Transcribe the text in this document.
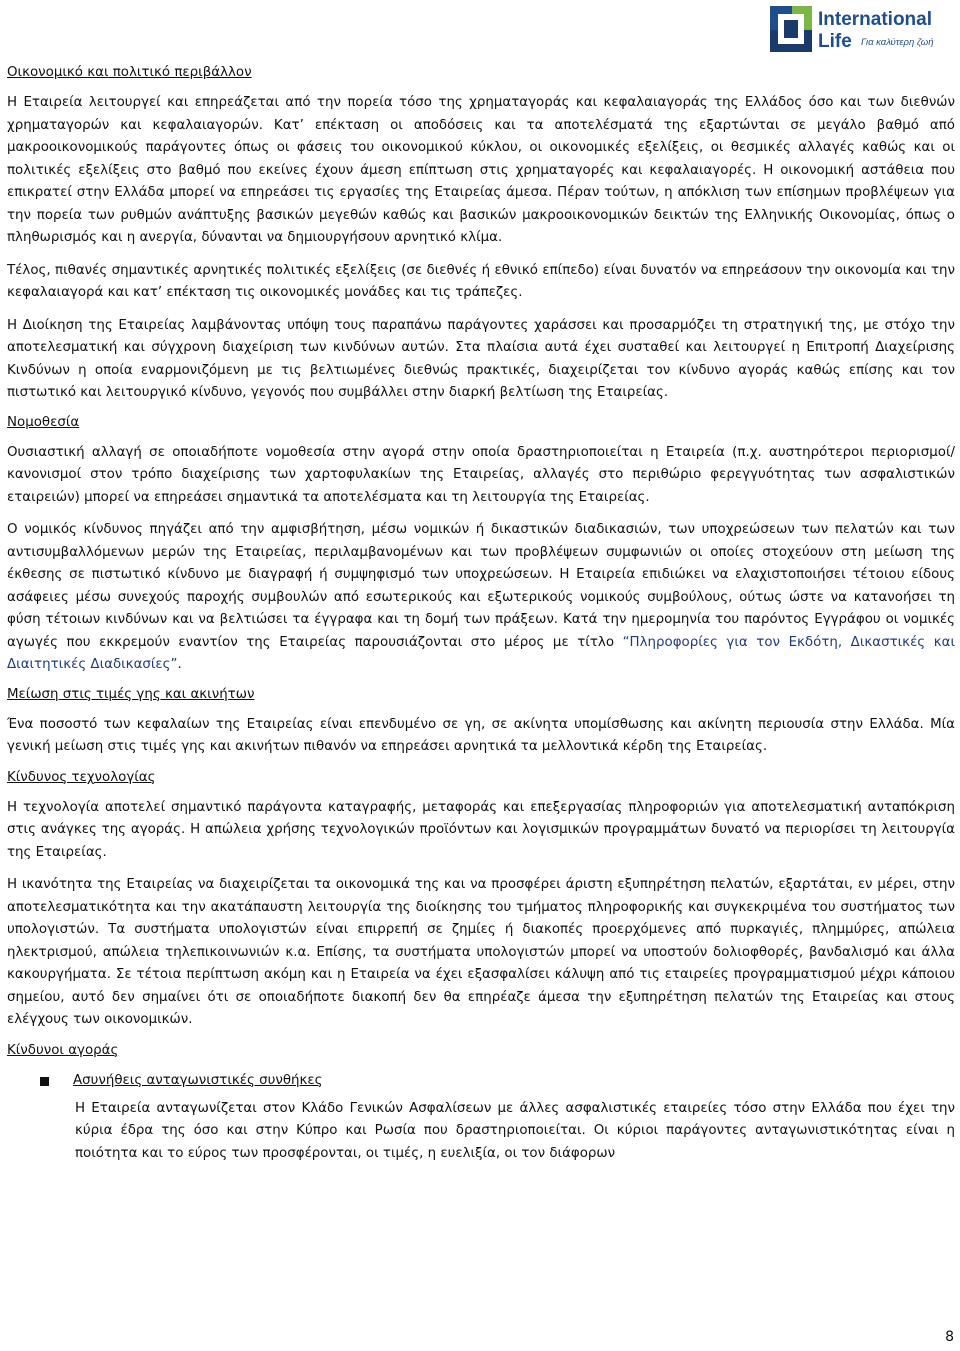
International
Life Για καλύτερη ζωή
Οικονομικό και πολιτικό περιβάλλον
Η Εταιρεία λειτουργεί και επηρεάζεται από την πορεία τόσο της χρηματαγοράς και κεφαλαιαγοράς της Ελλάδος όσο και των διεθνών χρηματαγορών και κεφαλαιαγορών. Κατ’ επέκταση οι αποδόσεις και τα αποτελέσματά της εξαρτώνται σε μεγάλο βαθμό από μακροοικονομικούς παράγοντες όπως οι φάσεις του οικονομικού κύκλου, οι οικονομικές εξελίξεις, οι θεσμικές αλλαγές καθώς και οι πολιτικές εξελίξεις στο βαθμό που εκείνες έχουν άμεση επίπτωση στις χρηματαγορές και κεφαλαιαγορές. Η οικονομική αστάθεια που επικρατεί στην Ελλάδα μπορεί να επηρεάσει τις εργασίες της Εταιρείας άμεσα. Πέραν τούτων, η απόκλιση των επίσημων προβλέψεων για την πορεία των ρυθμών ανάπτυξης βασικών μεγεθών καθώς και βασικών μακροοικονομικών δεικτών της Ελληνικής Οικονομίας, όπως ο πληθωρισμός και η ανεργία, δύνανται να δημιουργήσουν αρνητικό κλίμα.
Τέλος, πιθανές σημαντικές αρνητικές πολιτικές εξελίξεις (σε διεθνές ή εθνικό επίπεδο) είναι δυνατόν να επηρεάσουν την οικονομία και την κεφαλαιαγορά και κατ’ επέκταση τις οικονομικές μονάδες και τις τράπεζες.
Η Διοίκηση της Εταιρείας λαμβάνοντας υπόψη τους παραπάνω παράγοντες χαράσσει και προσαρμόζει τη στρατηγική της, με στόχο την αποτελεσματική και σύγχρονη διαχείριση των κινδύνων αυτών. Στα πλαίσια αυτά έχει συσταθεί και λειτουργεί η Επιτροπή Διαχείρισης Κινδύνων η οποία εναρμονιζόμενη με τις βελτιωμένες διεθνώς πρακτικές, διαχειρίζεται τον κίνδυνο αγοράς καθώς επίσης και τον πιστωτικό και λειτουργικό κίνδυνο, γεγονός που συμβάλλει στην διαρκή βελτίωση της Εταιρείας.
Νομοθεσία
Ουσιαστική αλλαγή σε οποιαδήποτε νομοθεσία στην αγορά στην οποία δραστηριοποιείται η Εταιρεία (π.χ. αυστηρότεροι περιορισμοί/ κανονισμοί στον τρόπο διαχείρισης των χαρτοφυλακίων της Εταιρείας, αλλαγές στο περιθώριο φερεγγυότητας των ασφαλιστικών εταιρειών) μπορεί να επηρεάσει σημαντικά τα αποτελέσματα και τη λειτουργία της Εταιρείας.
Ο νομικός κίνδυνος πηγάζει από την αμφισβήτηση, μέσω νομικών ή δικαστικών διαδικασιών, των υποχρεώσεων των πελατών και των αντισυμβαλλόμενων μερών της Εταιρείας, περιλαμβανομένων και των προβλέψεων συμφωνιών οι οποίες στοχεύουν στη μείωση της έκθεσης σε πιστωτικό κίνδυνο με διαγραφή ή συμψηφισμό των υποχρεώσεων. Η Εταιρεία επιδιώκει να ελαχιστοποιήσει τέτοιου είδους ασάφειες μέσω συνεχούς παροχής συμβουλών από εσωτερικούς και εξωτερικούς νομικούς συμβούλους, ούτως ώστε να κατανοήσει τη φύση τέτοιων κινδύνων και να βελτιώσει τα έγγραφα και τη δομή των πράξεων. Κατά την ημερομηνία του παρόντος Εγγράφου οι νομικές αγωγές που εκκρεμούν εναντίον της Εταιρείας παρουσιάζονται στο μέρος με τίτλο “Πληροφορίες για τον Εκδότη, Δικαστικές και Διαιτητικές Διαδικασίες”.
Μείωση στις τιμές γης και ακινήτων
Ένα ποσοστό των κεφαλαίων της Εταιρείας είναι επενδυμένο σε γη, σε ακίνητα υπομίσθωσης και ακίνητη περιουσία στην Ελλάδα. Μία γενική μείωση στις τιμές γης και ακινήτων πιθανόν να επηρεάσει αρνητικά τα μελλοντικά κέρδη της Εταιρείας.
Κίνδυνος τεχνολογίας
Η τεχνολογία αποτελεί σημαντικό παράγοντα καταγραφής, μεταφοράς και επεξεργασίας πληροφοριών για αποτελεσματική ανταπόκριση στις ανάγκες της αγοράς. Η απώλεια χρήσης τεχνολογικών προϊόντων και λογισμικών προγραμμάτων δυνατό να περιορίσει τη λειτουργία της Εταιρείας.
Η ικανότητα της Εταιρείας να διαχειρίζεται τα οικονομικά της και να προσφέρει άριστη εξυπηρέτηση πελατών, εξαρτάται, εν μέρει, στην αποτελεσματικότητα και την ακατάπαυστη λειτουργία της διοίκησης του τμήματος πληροφορικής και συγκεκριμένα του συστήματος των υπολογιστών. Τα συστήματα υπολογιστών είναι επιρρεπή σε ζημίες ή διακοπές προερχόμενες από πυρκαγιές, πλημμύρες, απώλεια ηλεκτρισμού, απώλεια τηλεπικοινωνιών κ.α. Επίσης, τα συστήματα υπολογιστών μπορεί να υποστούν δολιοφθορές, βανδαλισμό και άλλα κακουργήματα. Σε τέτοια περίπτωση ακόμη και η Εταιρεία να έχει εξασφαλίσει κάλυψη από τις εταιρείες προγραμματισμού μέχρι κάποιου σημείου, αυτό δεν σημαίνει ότι σε οποιαδήποτε διακοπή δεν θα επηρέαζε άμεσα την εξυπηρέτηση πελατών της Εταιρείας και στους ελέγχους των οικονομικών.
Κίνδυνοι αγοράς
Ασυνήθεις ανταγωνιστικές συνθήκες
Η Εταιρεία ανταγωνίζεται στον Κλάδο Γενικών Ασφαλίσεων με άλλες ασφαλιστικές εταιρείες τόσο στην Ελλάδα που έχει την κύρια έδρα της όσο και στην Κύπρο και Ρωσία που δραστηριοποιείται. Οι κύριοι παράγοντες ανταγωνιστικότητας είναι η ποιότητα και το εύρος των προσφέρονται, οι τιμές, η ευελιξία, οι τον διάφορων
8
